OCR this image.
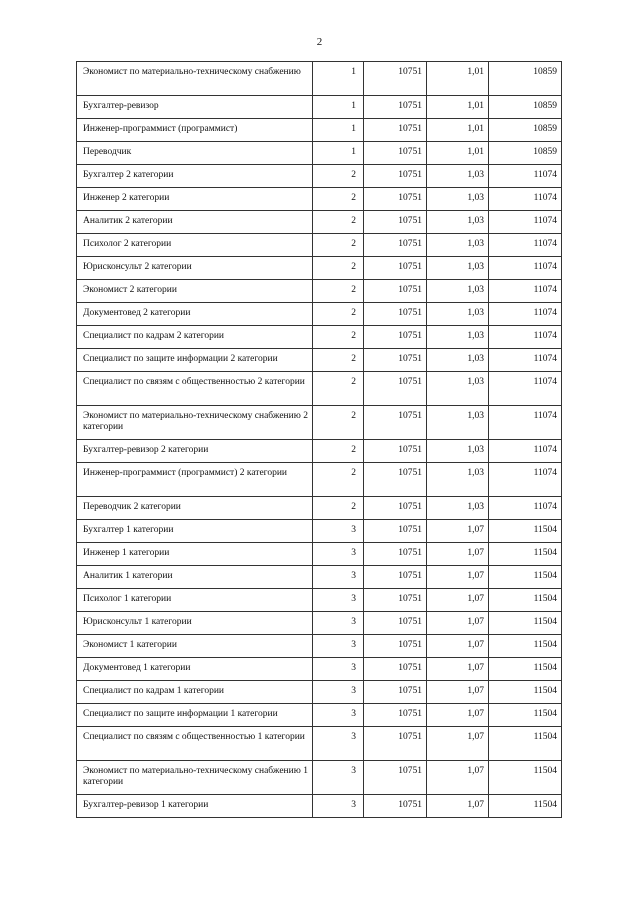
2
Экономист по материально-техническому снабжению	1	10751	1,01	10859
Бухгалтер-ревизор	1	10751	1,01	10859
Инженер-программист (программист)	1	10751	1,01	10859
Переводчик	1	10751	1,01	10859
Бухгалтер 2 категории	2	10751	1,03	11074
Инженер 2 категории	2	10751	1,03	11074
Аналитик 2 категории	2	10751	1,03	11074
Психолог 2 категории	2	10751	1,03	11074
Юрисконсульт 2 категории	2	10751	1,03	11074
Экономист 2 категории	2	10751	1,03	11074
Документовед 2 категории	2	10751	1,03	11074
Специалист по кадрам 2 категории	2	10751	1,03	11074
Специалист по защите информации 2 категории	2	10751	1,03	11074
Специалист по связям с общественностью 2 категории	2	10751	1,03	11074
Экономист по материально-техническому снабжению 2 категории	2	10751	1,03	11074
Бухгалтер-ревизор 2 категории	2	10751	1,03	11074
Инженер-программист (программист) 2 категории	2	10751	1,03	11074
Переводчик 2 категории	2	10751	1,03	11074
Бухгалтер 1 категории	3	10751	1,07	11504
Инженер 1 категории	3	10751	1,07	11504
Аналитик 1 категории	3	10751	1,07	11504
Психолог 1 категории	3	10751	1,07	11504
Юрисконсульт 1 категории	3	10751	1,07	11504
Экономист 1 категории	3	10751	1,07	11504
Документовед 1 категории	3	10751	1,07	11504
Специалист по кадрам 1 категории	3	10751	1,07	11504
Специалист по защите информации 1 категории	3	10751	1,07	11504
Специалист по связям с общественностью 1 категории	3	10751	1,07	11504
Экономист по материально-техническому снабжению 1 категории	3	10751	1,07	11504
Бухгалтер-ревизор 1 категории	3	10751	1,07	11504
